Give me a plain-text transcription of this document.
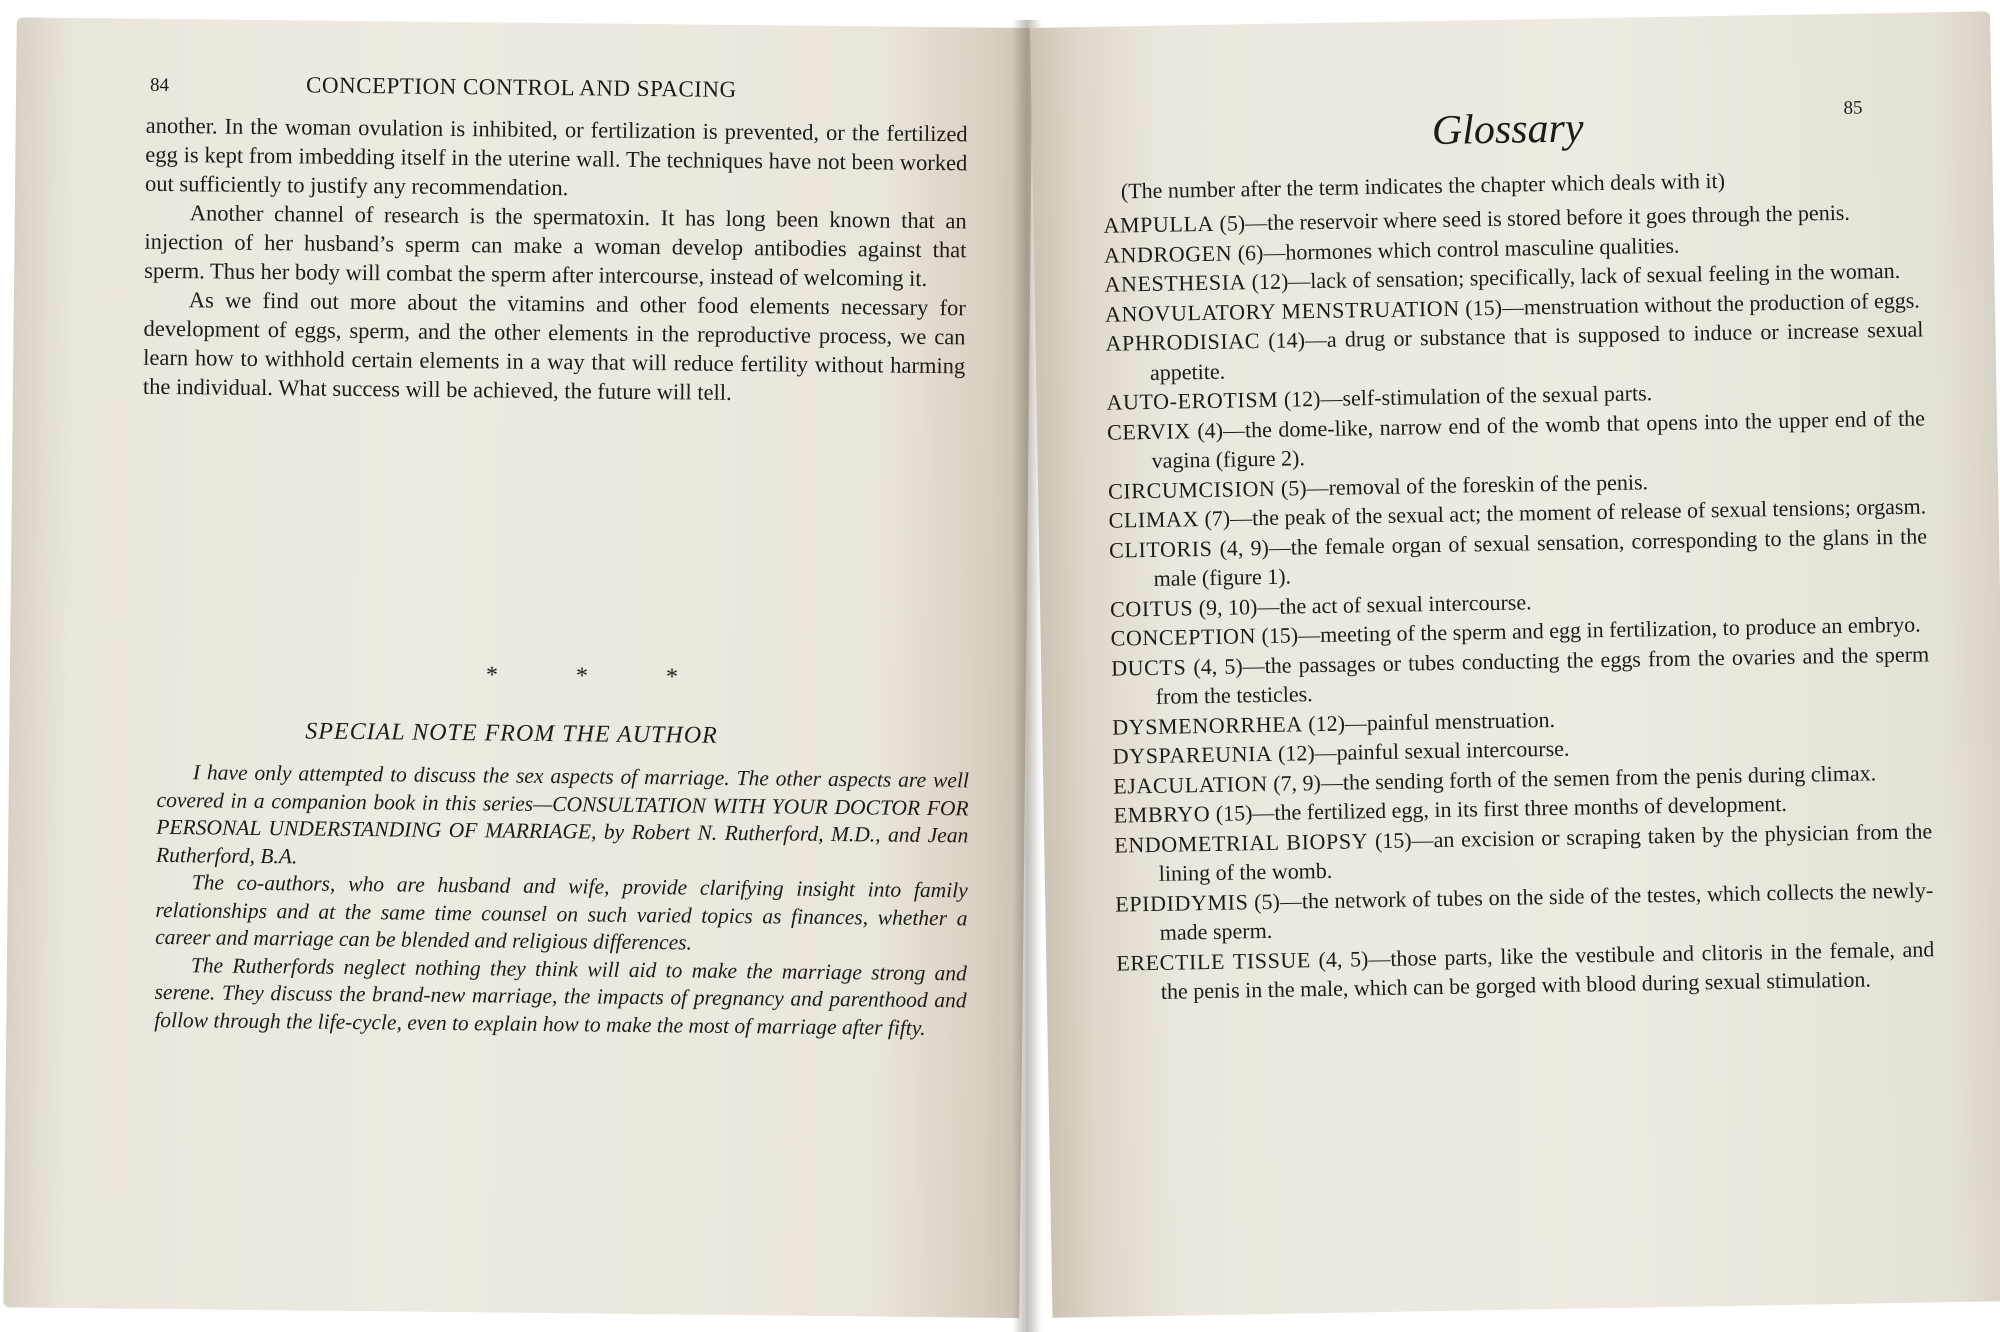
84	CONCEPTION CONTROL AND SPACING

another. In the woman ovulation is inhibited, or fertilization is prevented, or the fertilized egg is kept from imbedding itself in the uterine wall. The techniques have not been worked out sufficiently to justify any recommendation.

Another channel of research is the spermatoxin. It has long been known that an injection of her husband’s sperm can make a woman develop antibodies against that sperm. Thus her body will combat the sperm after intercourse, instead of welcoming it.

As we find out more about the vitamins and other food elements necessary for development of eggs, sperm, and the other elements in the reproductive process, we can learn how to withhold certain elements in a way that will reduce fertility without harming the individual. What success will be achieved, the future will tell.

* * *
SPECIAL NOTE FROM THE AUTHOR

I have only attempted to discuss the sex aspects of marriage. The other aspects are well covered in a companion book in this series—CONSULTATION WITH YOUR DOCTOR FOR PERSONAL UNDERSTANDING OF MARRIAGE, by Robert N. Rutherford, M.D., and Jean Rutherford, B.A.

The co-authors, who are husband and wife, provide clarifying insight into family relationships and at the same time counsel on such varied topics as finances, whether a career and marriage can be blended and religious differences.

The Rutherfords neglect nothing they think will aid to make the marriage strong and serene. They discuss the brand-new marriage, the impacts of pregnancy and parenthood and follow through the life-cycle, even to explain how to make the most of marriage after fifty.

Glossary	85
(The number after the term indicates the chapter which deals with it)

AMPULLA (5)—the reservoir where seed is stored before it goes through the penis.

ANDROGEN (6)—hormones which control masculine qualities.

ANESTHESIA (12)—lack of sensation; specifically, lack of sexual feeling in the woman.

ANOVULATORY MENSTRUATION (15)—menstruation without the production of eggs.

APHRODISIAC (14)—a drug or substance that is supposed to induce or increase sexual appetite.

AUTO-EROTISM (12)—self-stimulation of the sexual parts.

CERVIX (4)—the dome-like, narrow end of the womb that opens into the upper end of the vagina (figure 2).

CIRCUMCISION (5)—removal of the foreskin of the penis.

CLIMAX (7)—the peak of the sexual act; the moment of release of sexual tensions; orgasm.

CLITORIS (4, 9)—the female organ of sexual sensation, corresponding to the glans in the male (figure 1).

COITUS (9, 10)—the act of sexual intercourse.

CONCEPTION (15)—meeting of the sperm and egg in fertilization, to produce an embryo.

DUCTS (4, 5)—the passages or tubes conducting the eggs from the ovaries and the sperm from the testicles.

DYSMENORRHEA (12)—painful menstruation.

DYSPAREUNIA (12)—painful sexual intercourse.

EJACULATION (7, 9)—the sending forth of the semen from the penis during climax.

EMBRYO (15)—the fertilized egg, in its first three months of development.

ENDOMETRIAL BIOPSY (15)—an excision or scraping taken by the physician from the lining of the womb.

EPIDIDYMIS (5)—the network of tubes on the side of the testes, which collects the newly-made sperm.

ERECTILE TISSUE (4, 5)—those parts, like the vestibule and clitoris in the female, and the penis in the male, which can be gorged with blood during sexual stimulation.
